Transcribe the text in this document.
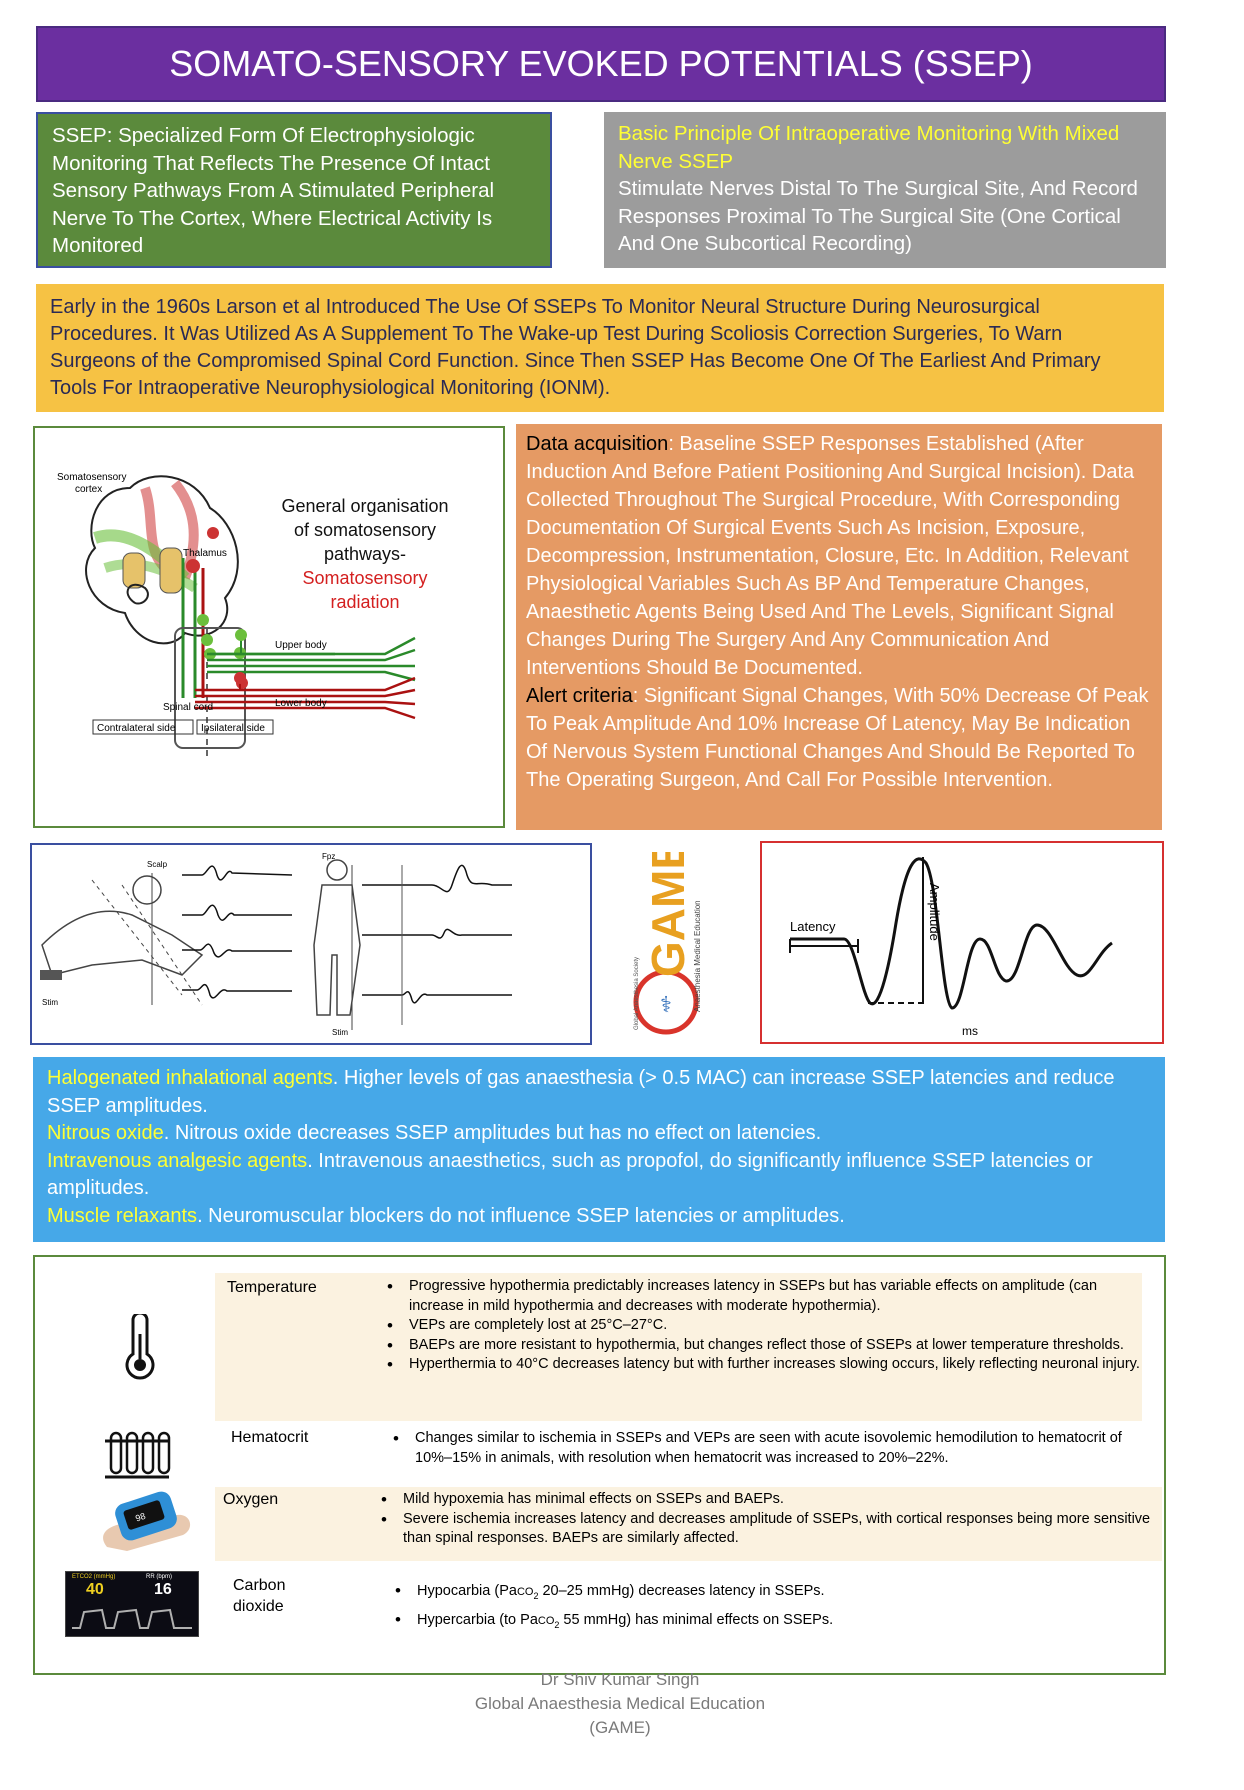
SOMATO-SENSORY EVOKED POTENTIALS (SSEP)
SSEP: Specialized Form Of Electrophysiologic Monitoring That Reflects The Presence Of Intact Sensory Pathways From A Stimulated Peripheral Nerve To The Cortex, Where Electrical Activity Is Monitored
Basic Principle Of Intraoperative Monitoring With Mixed Nerve SSEP
Stimulate Nerves Distal To The Surgical Site, And Record Responses Proximal To The Surgical Site (One Cortical And One Subcortical Recording)
Early in the 1960s Larson et al Introduced The Use Of SSEPs To Monitor Neural Structure During Neurosurgical Procedures. It Was Utilized As A Supplement To The Wake-up Test During Scoliosis Correction Surgeries, To Warn Surgeons of the Compromised Spinal Cord Function. Since Then SSEP Has Become One Of The Earliest And Primary Tools For Intraoperative Neurophysiological Monitoring (IONM).
Somatosensory
cortex
Thalamus
Upper body
Lower body
Spinal cord
Contralateral side	Ipsilateral side
General organisation
of somatosensory
pathways-
Somatosensory
radiation
Data acquisition: Baseline SSEP Responses Established (After Induction And Before Patient Positioning And Surgical Incision). Data Collected Throughout The Surgical Procedure, With Corresponding Documentation Of Surgical Events Such As Incision, Exposure, Decompression, Instrumentation, Closure, Etc. In Addition, Relevant Physiological Variables Such As BP And Temperature Changes, Anaesthetic Agents Being Used And The Levels, Significant Signal Changes During The Surgery And Any Communication And Interventions Should Be Documented.
Alert criteria: Significant Signal Changes, With 50% Decrease Of Peak To Peak Amplitude And 10% Increase Of Latency, May Be Indication Of Nervous System Functional Changes And Should Be Reported To The Operating Surgeon, And Call For Possible Intervention.
Stim
Scalp
Fpz
Stim
⚕
GAME Anaesthesia Medical Education
Global Anaesthesia Society
Latency	Amplitude
ms
Halogenated inhalational agents. Higher levels of gas anaesthesia (> 0.5 MAC) can increase SSEP latencies and reduce SSEP amplitudes.
Nitrous oxide. Nitrous oxide decreases SSEP amplitudes but has no effect on latencies.
Intravenous analgesic agents. Intravenous anaesthetics, such as propofol, do significantly influence SSEP latencies or amplitudes.
Muscle relaxants. Neuromuscular blockers do not influence SSEP latencies or amplitudes.
Temperature	• Progressive hypothermia predictably increases latency in SSEPs but has variable effects on amplitude (can increase in mild hypothermia and decreases with moderate hypothermia).
• VEPs are completely lost at 25°C–27°C.
• BAEPs are more resistant to hypothermia, but changes reflect those of SSEPs at lower temperature thresholds.
• Hyperthermia to 40°C decreases latency but with further increases slowing occurs, likely reflecting neuronal injury.
Hematocrit	• Changes similar to ischemia in SSEPs and VEPs are seen with acute isovolemic hemodilution to hematocrit of 10%–15% in animals, with resolution when hematocrit was increased to 20%–22%.
98
Oxygen	• Mild hypoxemia has minimal effects on SSEPs and BAEPs.
• Severe ischemia increases latency and decreases amplitude of SSEPs, with cortical responses being more sensitive than spinal responses. BAEPs are similarly affected.
ETCO2 (mmHg)
40
RR (bpm)
16	Carbon
dioxide
• Hypocarbia (PaCO$_2$ 20–25 mmHg) decreases latency in SSEPs.
• Hypercarbia (to PaCO$_2$ 55 mmHg) has minimal effects on SSEPs.
Dr Shiv Kumar Singh
Global Anaesthesia Medical Education
(GAME)
